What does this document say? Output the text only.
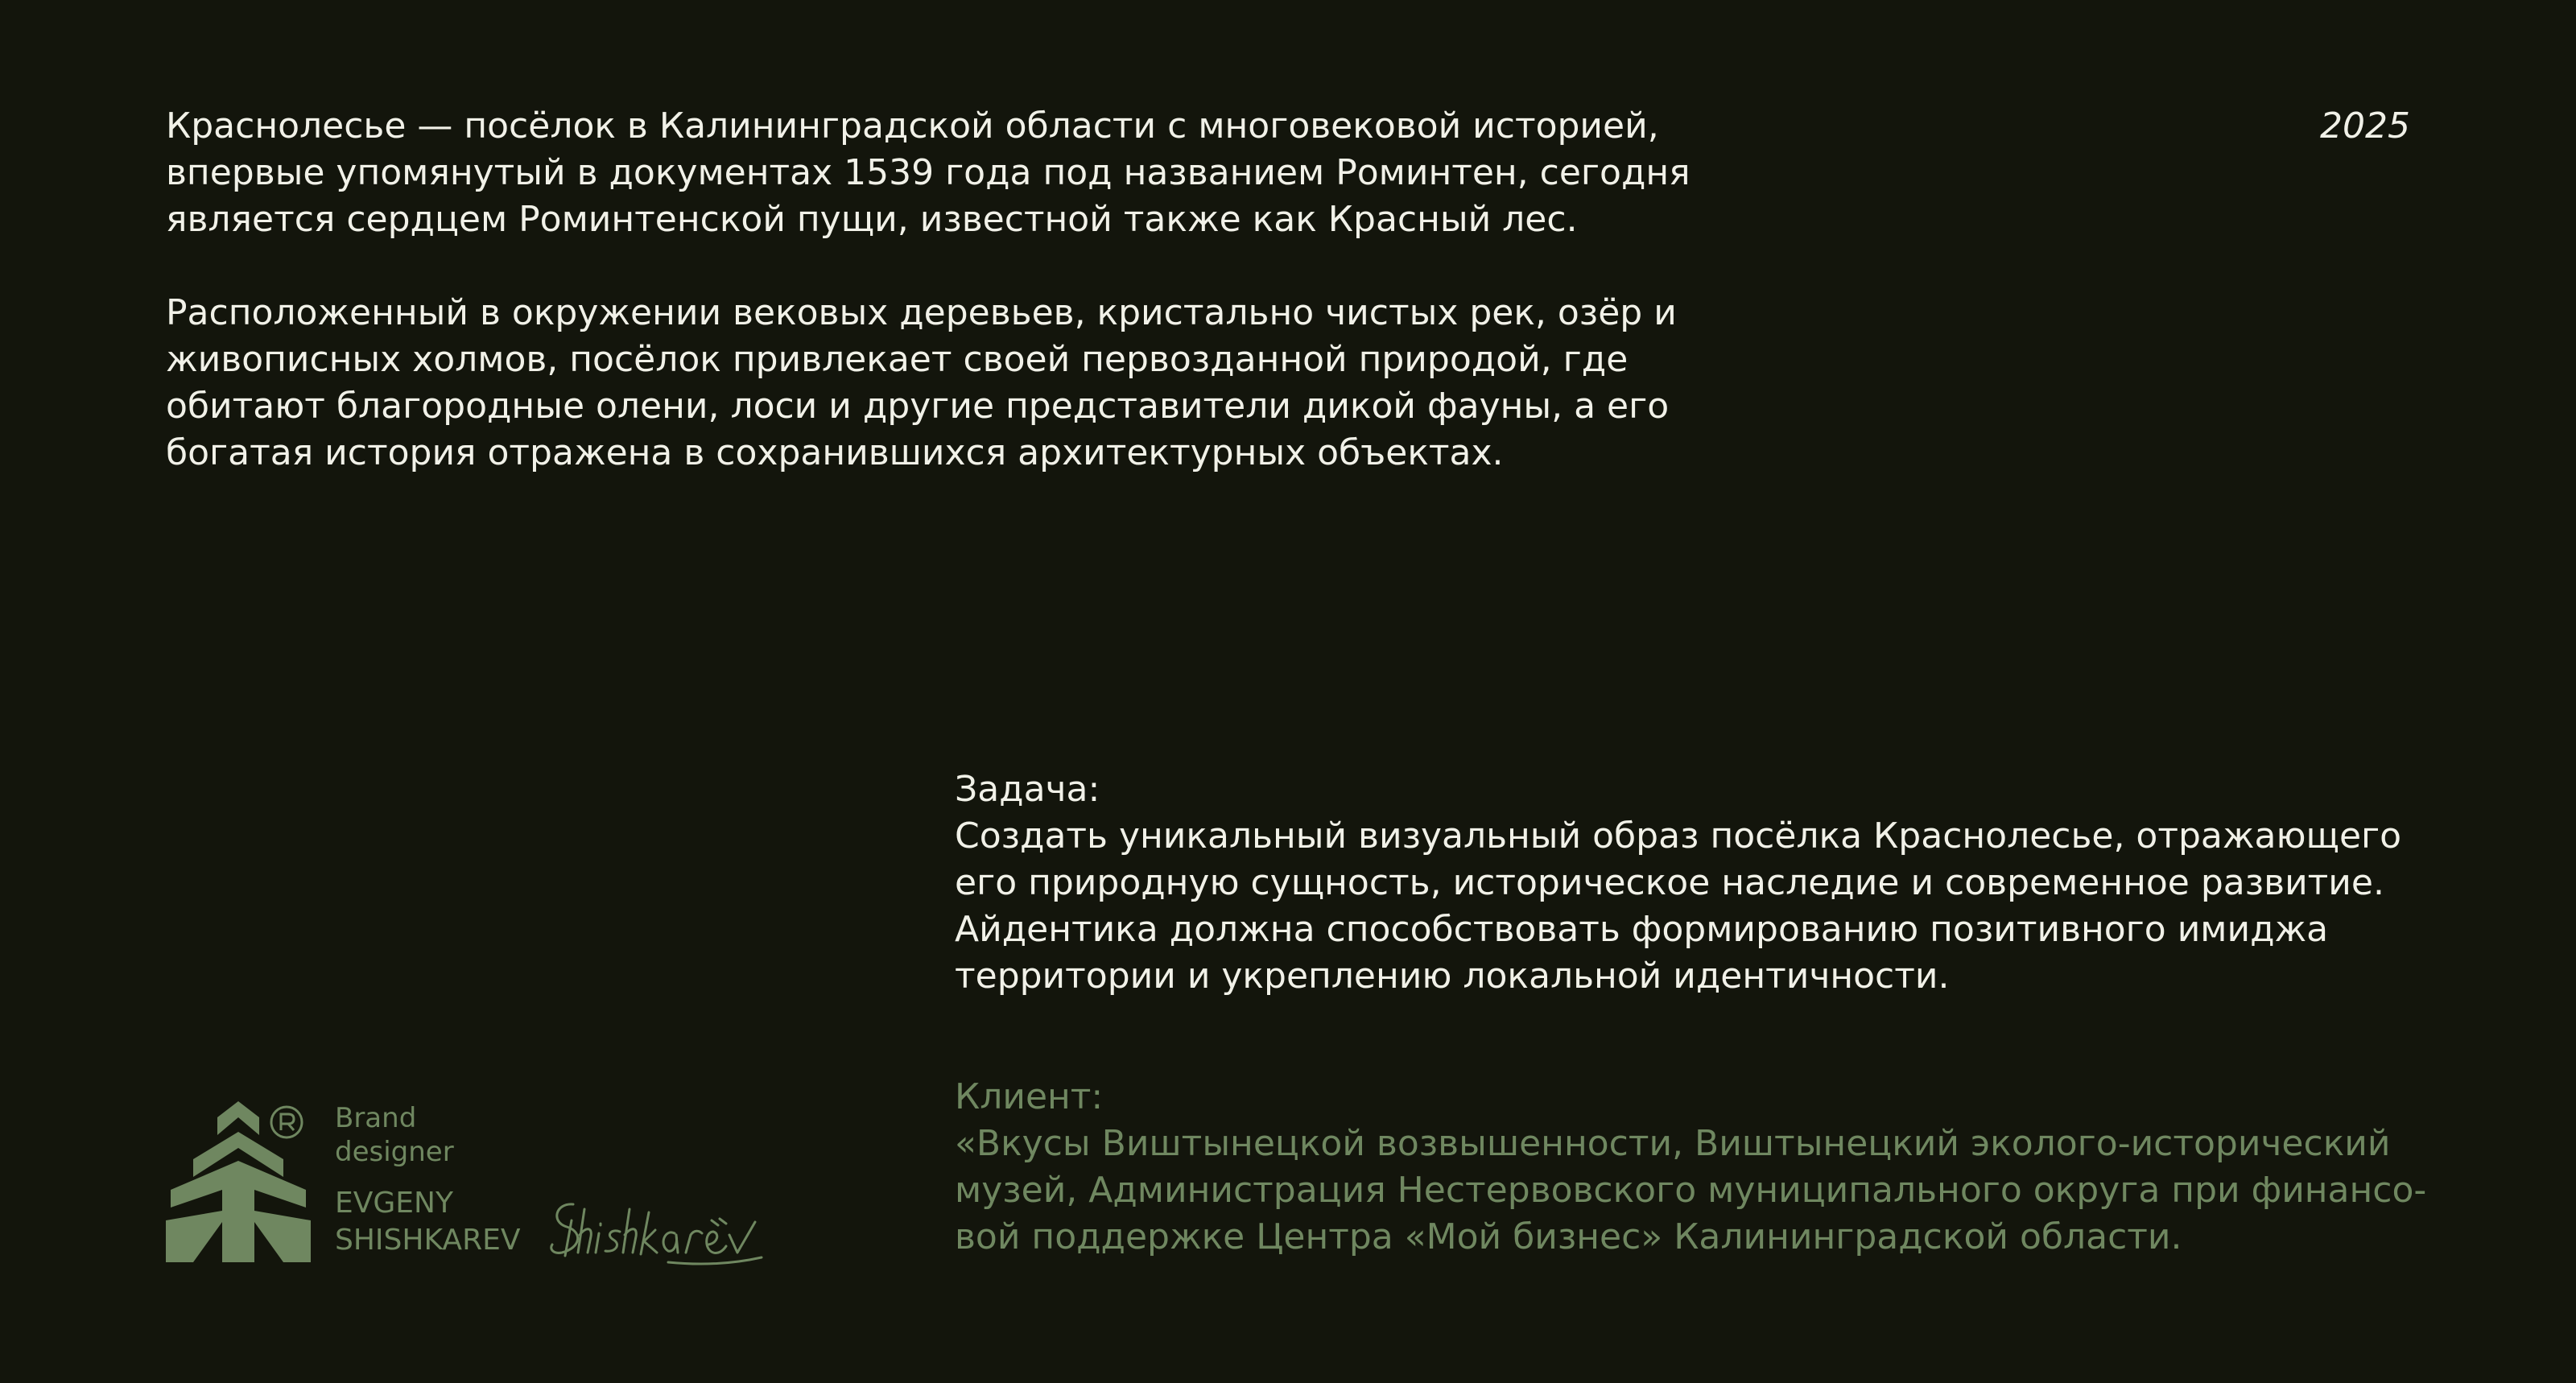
Краснолесье — посёлок в Калининградской области с многовековой историей, впервые упомянутый в документах 1539 года под названием Роминтен, сегодня является сердцем Роминтенской пущи, известной также как Красный лес.

Расположенный в окружении вековых деревьев, кристально чистых рек, озёр и живописных холмов, посёлок привлекает своей первозданной природой, где обитают благородные олени, лоси и другие представители дикой фауны, а его богатая история отражена в сохранившихся архитектурных объектах.

2025
Задача:
Создать уникальный визуальный образ посёлка Краснолесье, отражающего его природную сущность, историческое наследие и современное развитие. Айдентика должна способствовать формированию позитивного имиджа территории и укреплению локальной идентичности.
Клиент:
«Вкусы Виштынецкой возвышенности, Виштынецкий эколого-исторический музей, Администрация Нестервовского муниципального округа при финансо-вой поддержке Центра «Мой бизнес» Калининградской области.
Brand
designer
EVGENY
SHISHKAREV
